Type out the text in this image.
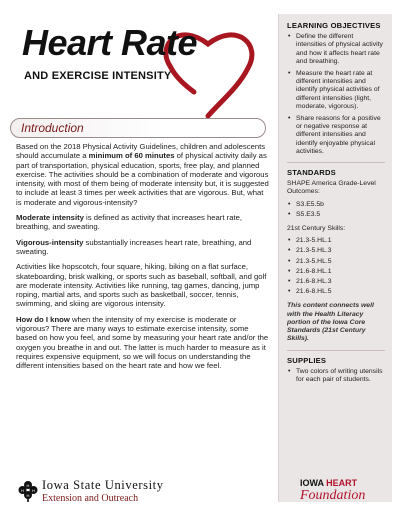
Heart Rate
AND EXERCISE INTENSITY
Introduction

Based on the 2018 Physical Activity Guidelines, children and adolescents should accumulate a minimum of 60 minutes of physical activity daily as part of transportation, physical education, sports, free play, and planned exercise. The activities should be a combination of moderate and vigorous intensity, with most of them being of moderate intensity but, it is suggested to include at least 3 times per week activities that are vigorous. But, what is moderate and vigorous-intensity?

Moderate intensity is defined as activity that increases heart rate, breathing, and sweating.

Vigorous-intensity substantially increases heart rate, breathing, and sweating.

Activities like hopscotch, four square, hiking, biking on a flat surface, skateboarding, brisk walking, or sports such as baseball, softball, and golf are moderate intensity. Activities like running, tag games, dancing, jump roping, martial arts, and sports such as basketball, soccer, tennis, swimming, and skiing are vigorous intensity.

How do I know when the intensity of my exercise is moderate or vigorous? There are many ways to estimate exercise intensity, some based on how you feel, and some by measuring your heart rate and/or the oxygen you breathe in and out. The latter is much harder to measure as it requires expensive equipment, so we will focus on understanding the different intensities based on the heart rate and how we feel.

LEARNING OBJECTIVES
• Define the different intensities of physical activity and how it affects heart rate and breathing.
• Measure the heart rate at different intensities and identify physical activities of different intensities (light, moderate, vigorous).
• Share reasons for a positive or negative response at different intensities and identify enjoyable physical activities.
STANDARDS
SHAPE America Grade-Level Outcomes:
• S3.E5.5b
• S5.E3.5
21st Century Skills:
• 21.3-5.HL.1
• 21.3-5.HL.3
• 21.3-5.HL.5
• 21.6-8.HL.1
• 21.6-8.HL.3
• 21.6-8.HL.5
This content connects well with the Health Literacy portion of the Iowa Core Standards (21st Century Skills).
SUPPLIES
• Two colors of writing utensils for each pair of students.
H
H H
H
Iowa State University
Extension and Outreach
IOWA HEART
Foundation
